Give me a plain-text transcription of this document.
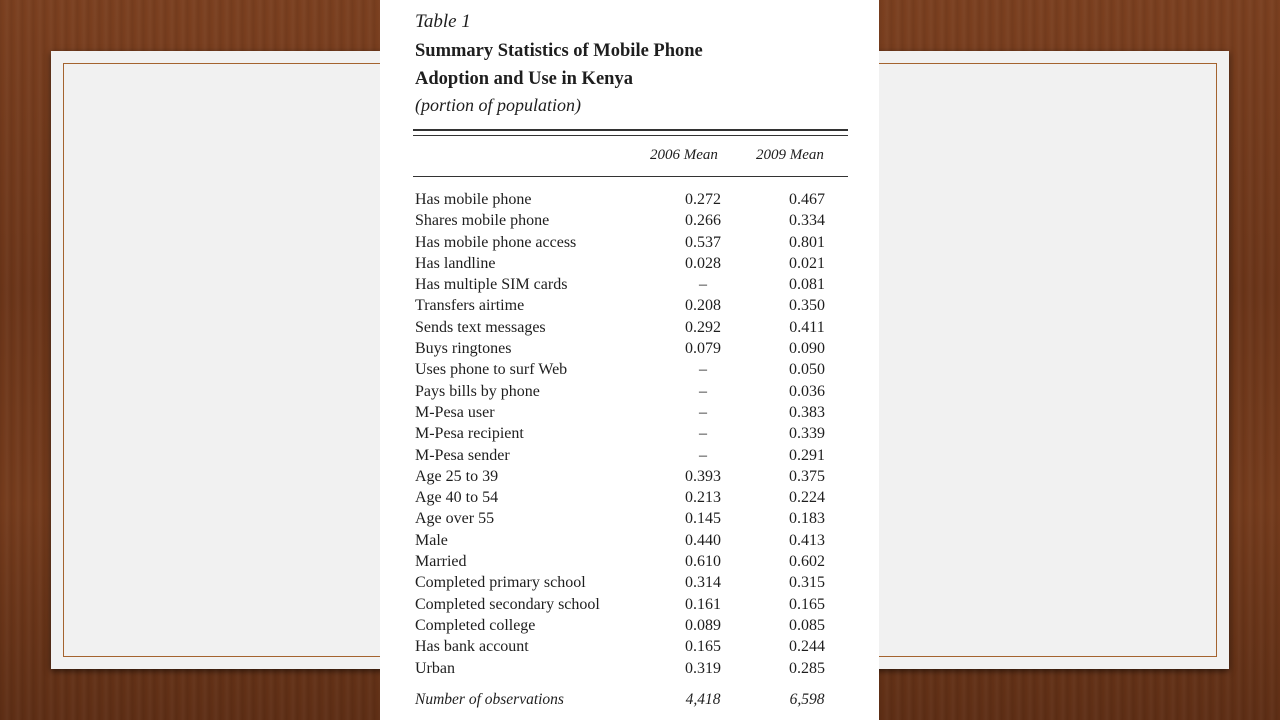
Table 1
Summary Statistics of Mobile Phone
Adoption and Use in Kenya
(portion of population)
2006 Mean	2009 Mean
Has mobile phone	0.272	0.467
Shares mobile phone	0.266	0.334
Has mobile phone access	0.537	0.801
Has landline	0.028	0.021
Has multiple SIM cards	–	0.081
Transfers airtime	0.208	0.350
Sends text messages	0.292	0.411
Buys ringtones	0.079	0.090
Uses phone to surf Web	–	0.050
Pays bills by phone	–	0.036
M-Pesa user	–	0.383
M-Pesa recipient	–	0.339
M-Pesa sender	–	0.291
Age 25 to 39	0.393	0.375
Age 40 to 54	0.213	0.224
Age over 55	0.145	0.183
Male	0.440	0.413
Married	0.610	0.602
Completed primary school	0.314	0.315
Completed secondary school	0.161	0.165
Completed college	0.089	0.085
Has bank account	0.165	0.244
Urban	0.319	0.285
Number of observations	4,418	6,598
